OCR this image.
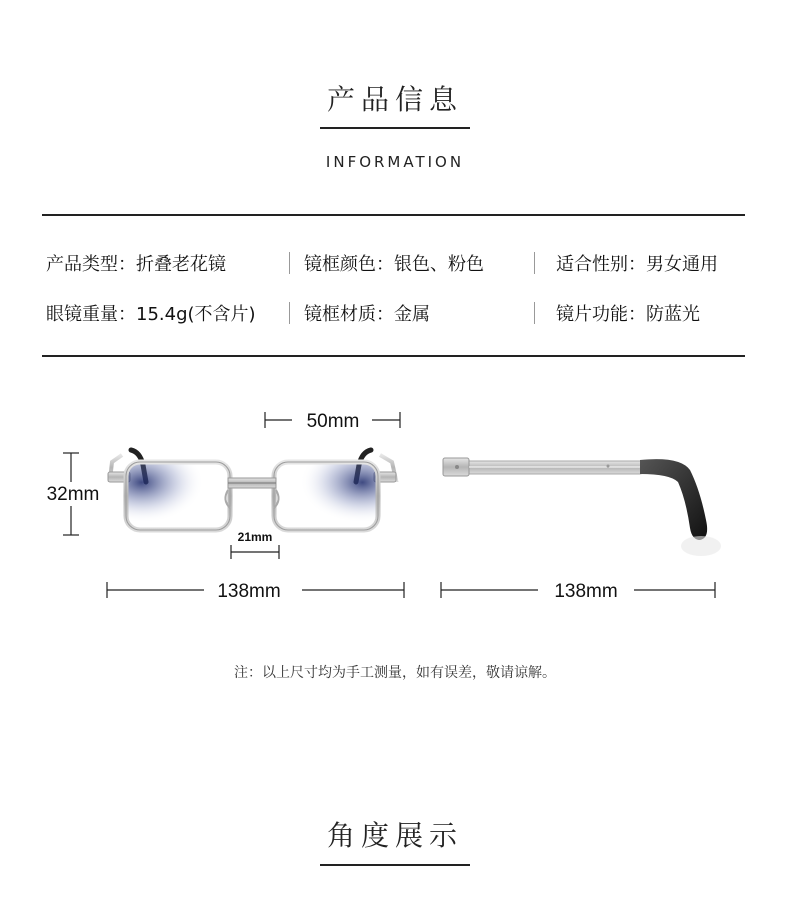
产品信息
INFORMATION
产品类型：折叠老花镜	镜框颜色：银色、粉色	适合性别：男女通用
眼镜重量：15.4g(不含片)	镜框材质：金属	镜片功能：防蓝光
50mm
32mm
21mm
138mm	138mm
注：以上尺寸均为手工测量，如有误差，敬请谅解。
角度展示
